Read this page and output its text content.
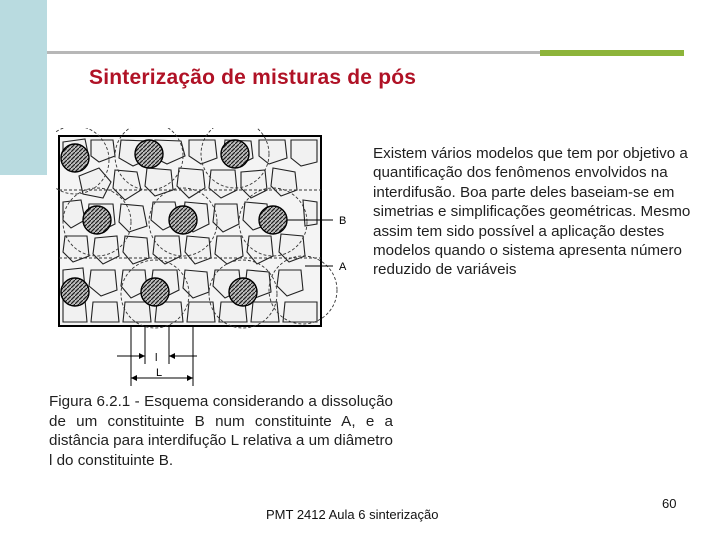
Sinterização de misturas de pós
B
A
l
L
Existem vários modelos que tem por objetivo a quantificação dos fenômenos envolvidos na interdifusão. Boa parte deles baseiam-se em simetrias e simplificações geométricas. Mesmo assim tem sido possível a aplicação destes modelos quando o sistema apresenta número reduzido de variáveis
Figura 6.2.1 - Esquema considerando a dissolução de um constituinte B num constituinte A, e a distância para interdifução L relativa a um diâmetro l do constituinte B.
PMT 2412 Aula 6 sinterização
60
